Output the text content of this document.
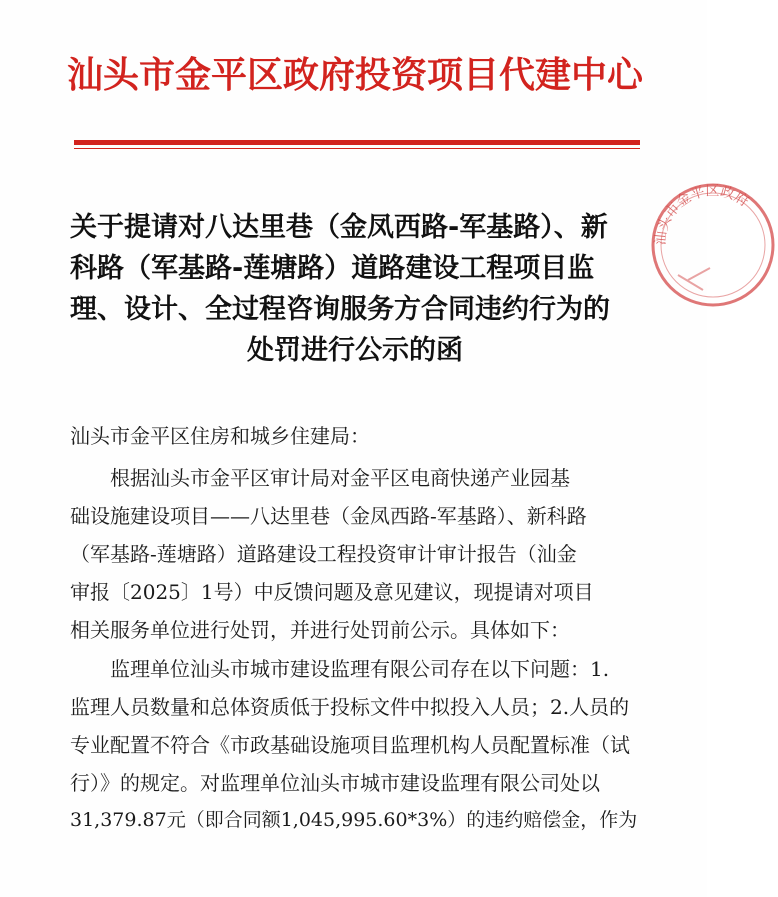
汕头市金平区政府投资项目代建中心
汕头市金平区政府
关于提请对八达里巷（金凤西路-军基路）、新
科路（军基路-莲塘路）道路建设工程项目监
理、设计、全过程咨询服务方合同违约行为的
处罚进行公示的函
汕头市金平区住房和城乡住建局：
　　根据汕头市金平区审计局对金平区电商快递产业园基
础设施建设项目——八达里巷（金凤西路-军基路）、新科路
（军基路-莲塘路）道路建设工程投资审计审计报告（汕金
审报〔2025〕1号）中反馈问题及意见建议，现提请对项目
相关服务单位进行处罚，并进行处罚前公示。具体如下：
　　监理单位汕头市城市建设监理有限公司存在以下问题：1.
监理人员数量和总体资质低于投标文件中拟投入人员；2.人员的
专业配置不符合《市政基础设施项目监理机构人员配置标准（试
行）》的规定。对监理单位汕头市城市建设监理有限公司处以
31,379.87元（即合同额1,045,995.60*3%）的违约赔偿金，作为
